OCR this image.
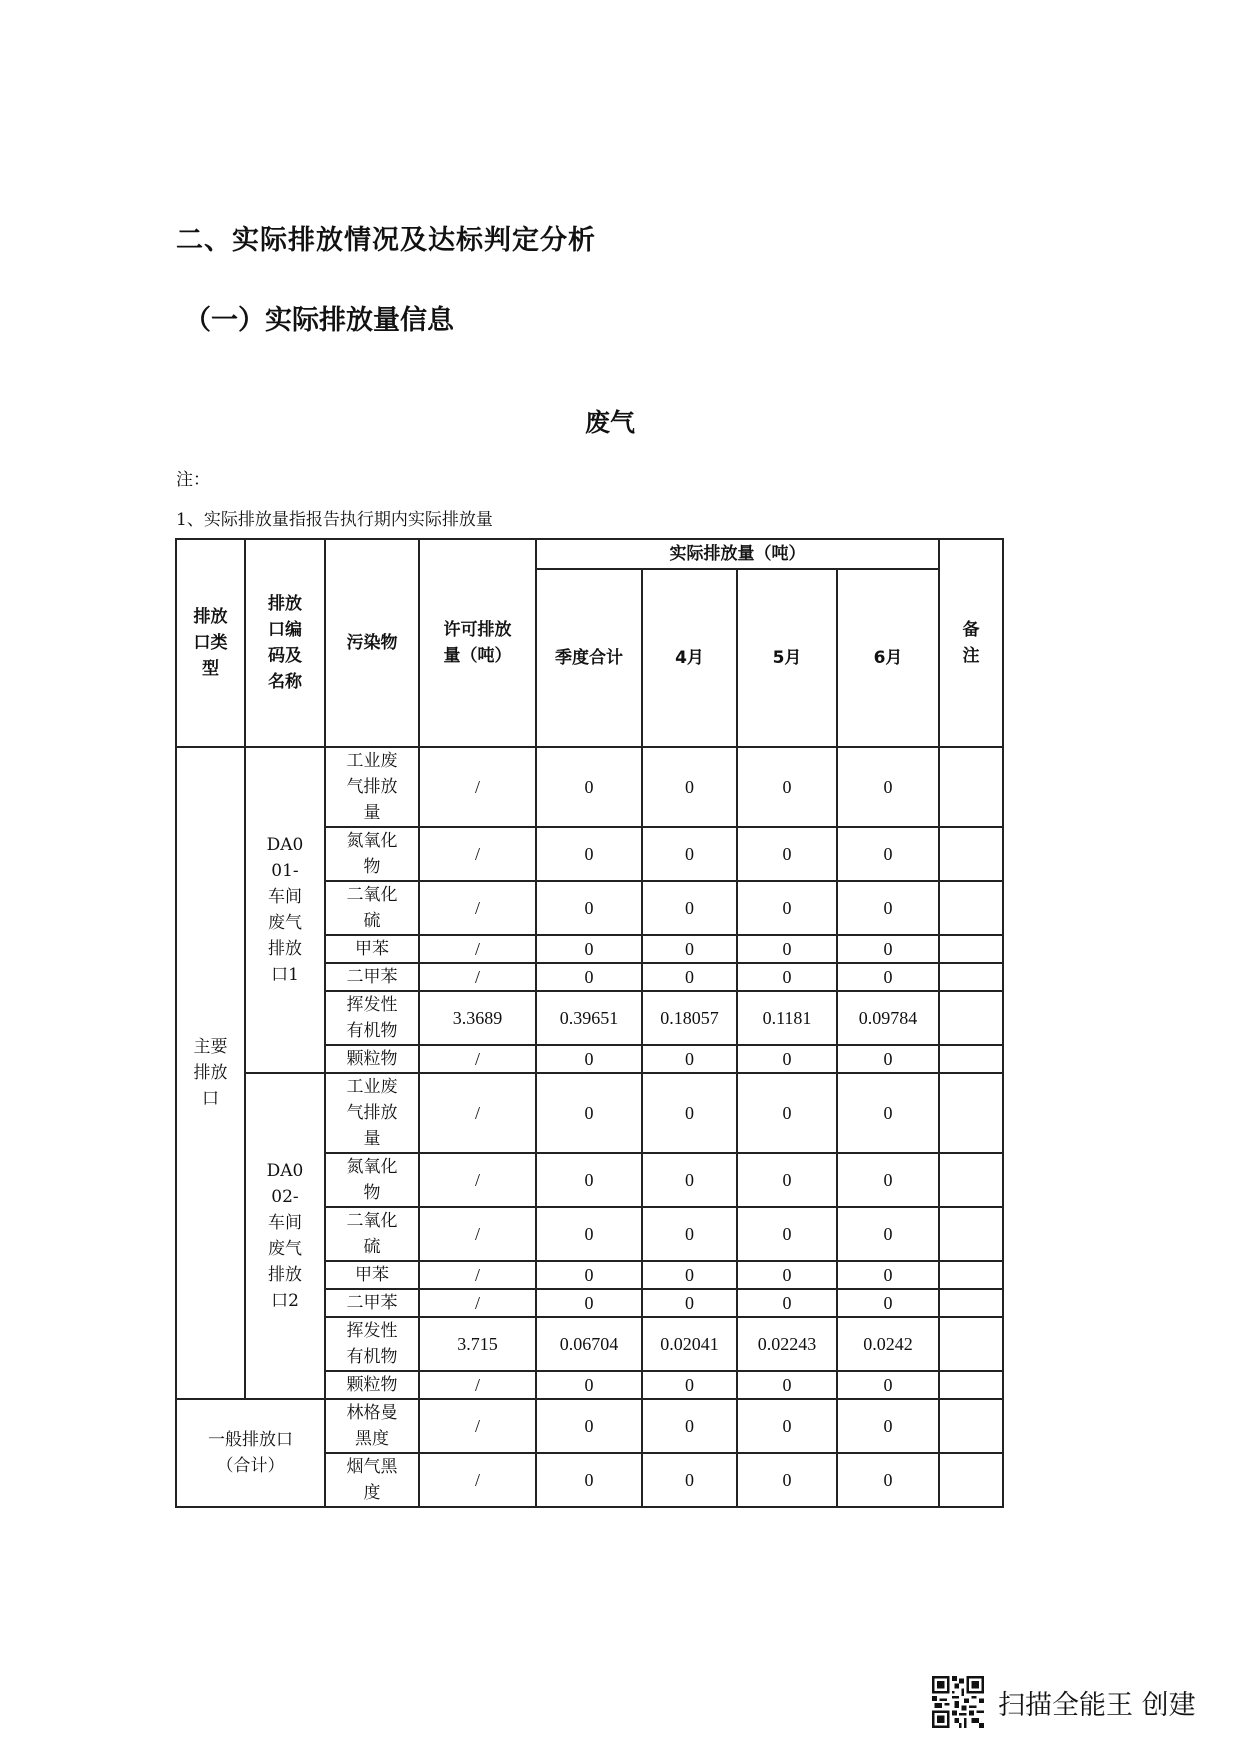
二、实际排放情况及达标判定分析
（一）实际排放量信息
废气
注：
1、实际排放量指报告执行期内实际排放量
排放口类型	排放口编码及名称	污染物	许可排放量（吨）	实际排放量（吨）				备注

				季度合计	4月	5月	6月	

主要排放口	DA001-车间废气排放口1	工业废气排放量	/	0	0	0	0	

		氮氧化物	/	0	0	0	0	

		二氧化硫	/	0	0	0	0	

		甲苯	/	0	0	0	0	

		二甲苯	/	0	0	0	0	

		挥发性有机物	3.3689	0.39651	0.18057	0.1181	0.09784	

		颗粒物	/	0	0	0	0	

	DA002-车间废气排放口2	工业废气排放量	/	0	0	0	0	

		氮氧化物	/	0	0	0	0	

		二氧化硫	/	0	0	0	0	

		甲苯	/	0	0	0	0	

		二甲苯	/	0	0	0	0	

		挥发性有机物	3.715	0.06704	0.02041	0.02243	0.0242	

		颗粒物	/	0	0	0	0	

一般排放口（合计）		林格曼黑度	/	0	0	0	0	

		烟气黑度	/	0	0	0	0	
扫描全能王 创建
